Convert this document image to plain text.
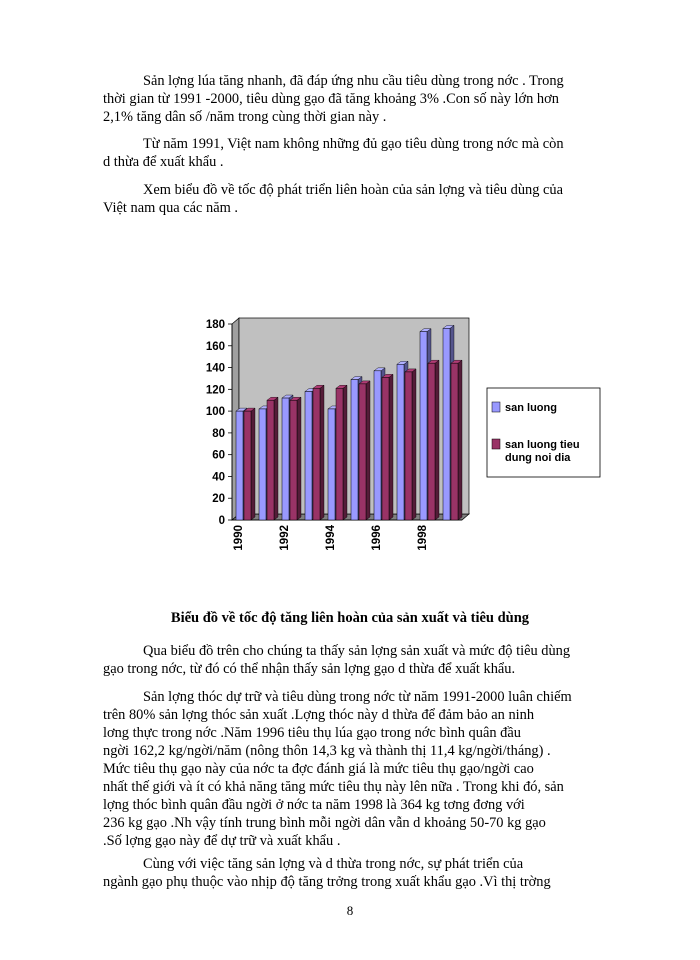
Sản lợng lúa tăng nhanh, đã đáp ứng nhu cầu tiêu dùng trong nớc . Trong
thời gian từ 1991 -2000, tiêu dùng gạo đã tăng khoảng 3% .Con số này lớn hơn
2,1% tăng dân số /năm trong cùng thời gian này .
Từ năm 1991, Việt nam không những đủ gạo tiêu dùng trong nớc mà còn
d thừa để xuất khẩu .
Xem biểu đồ về tốc độ phát triển liên hoàn của sản lợng và tiêu dùng của
Việt nam qua các năm .
0
20
40
60
80
100
120
140
160
180
1990	1992	1994	1996	1998
san luong
san luong tieu
dung noi dia
Biểu đồ về tốc độ tăng liên hoàn của sản xuất và tiêu dùng
Qua biểu đồ trên cho chúng ta thấy sản lợng sản xuất và mức độ tiêu dùng
gạo trong nớc, từ đó có thể nhận thấy sản lợng gạo d thừa để xuất khẩu.
Sản lợng thóc dự trữ và tiêu dùng trong nớc từ năm 1991-2000 luân chiếm
trên 80% sản lợng thóc sản xuất .Lợng thóc này d thừa để đảm bảo an ninh
lơng thực trong nớc .Năm 1996 tiêu thụ lúa gạo trong nớc bình quân đầu
ngời 162,2 kg/ngời/năm (nông thôn 14,3 kg và thành thị 11,4 kg/ngời/tháng) .
Mức tiêu thụ gạo này của nớc ta đợc đánh giá là mức tiêu thụ gạo/ngời cao
nhất thế giới và ít có khả năng tăng mức tiêu thụ này lên nữa . Trong khi đó, sản
lợng thóc bình quân đầu ngời ở nớc ta năm 1998 là 364 kg tơng đơng với
236 kg gạo .Nh vậy tính trung bình mỗi ngời dân vẫn d khoảng 50-70 kg gạo
.Số lợng gạo này để dự trữ và xuất khẩu .
Cùng với việc tăng sản lợng và d thừa trong nớc, sự phát triển của
ngành gạo phụ thuộc vào nhịp độ tăng trởng trong xuất khẩu gạo .Vì thị trờng
8
